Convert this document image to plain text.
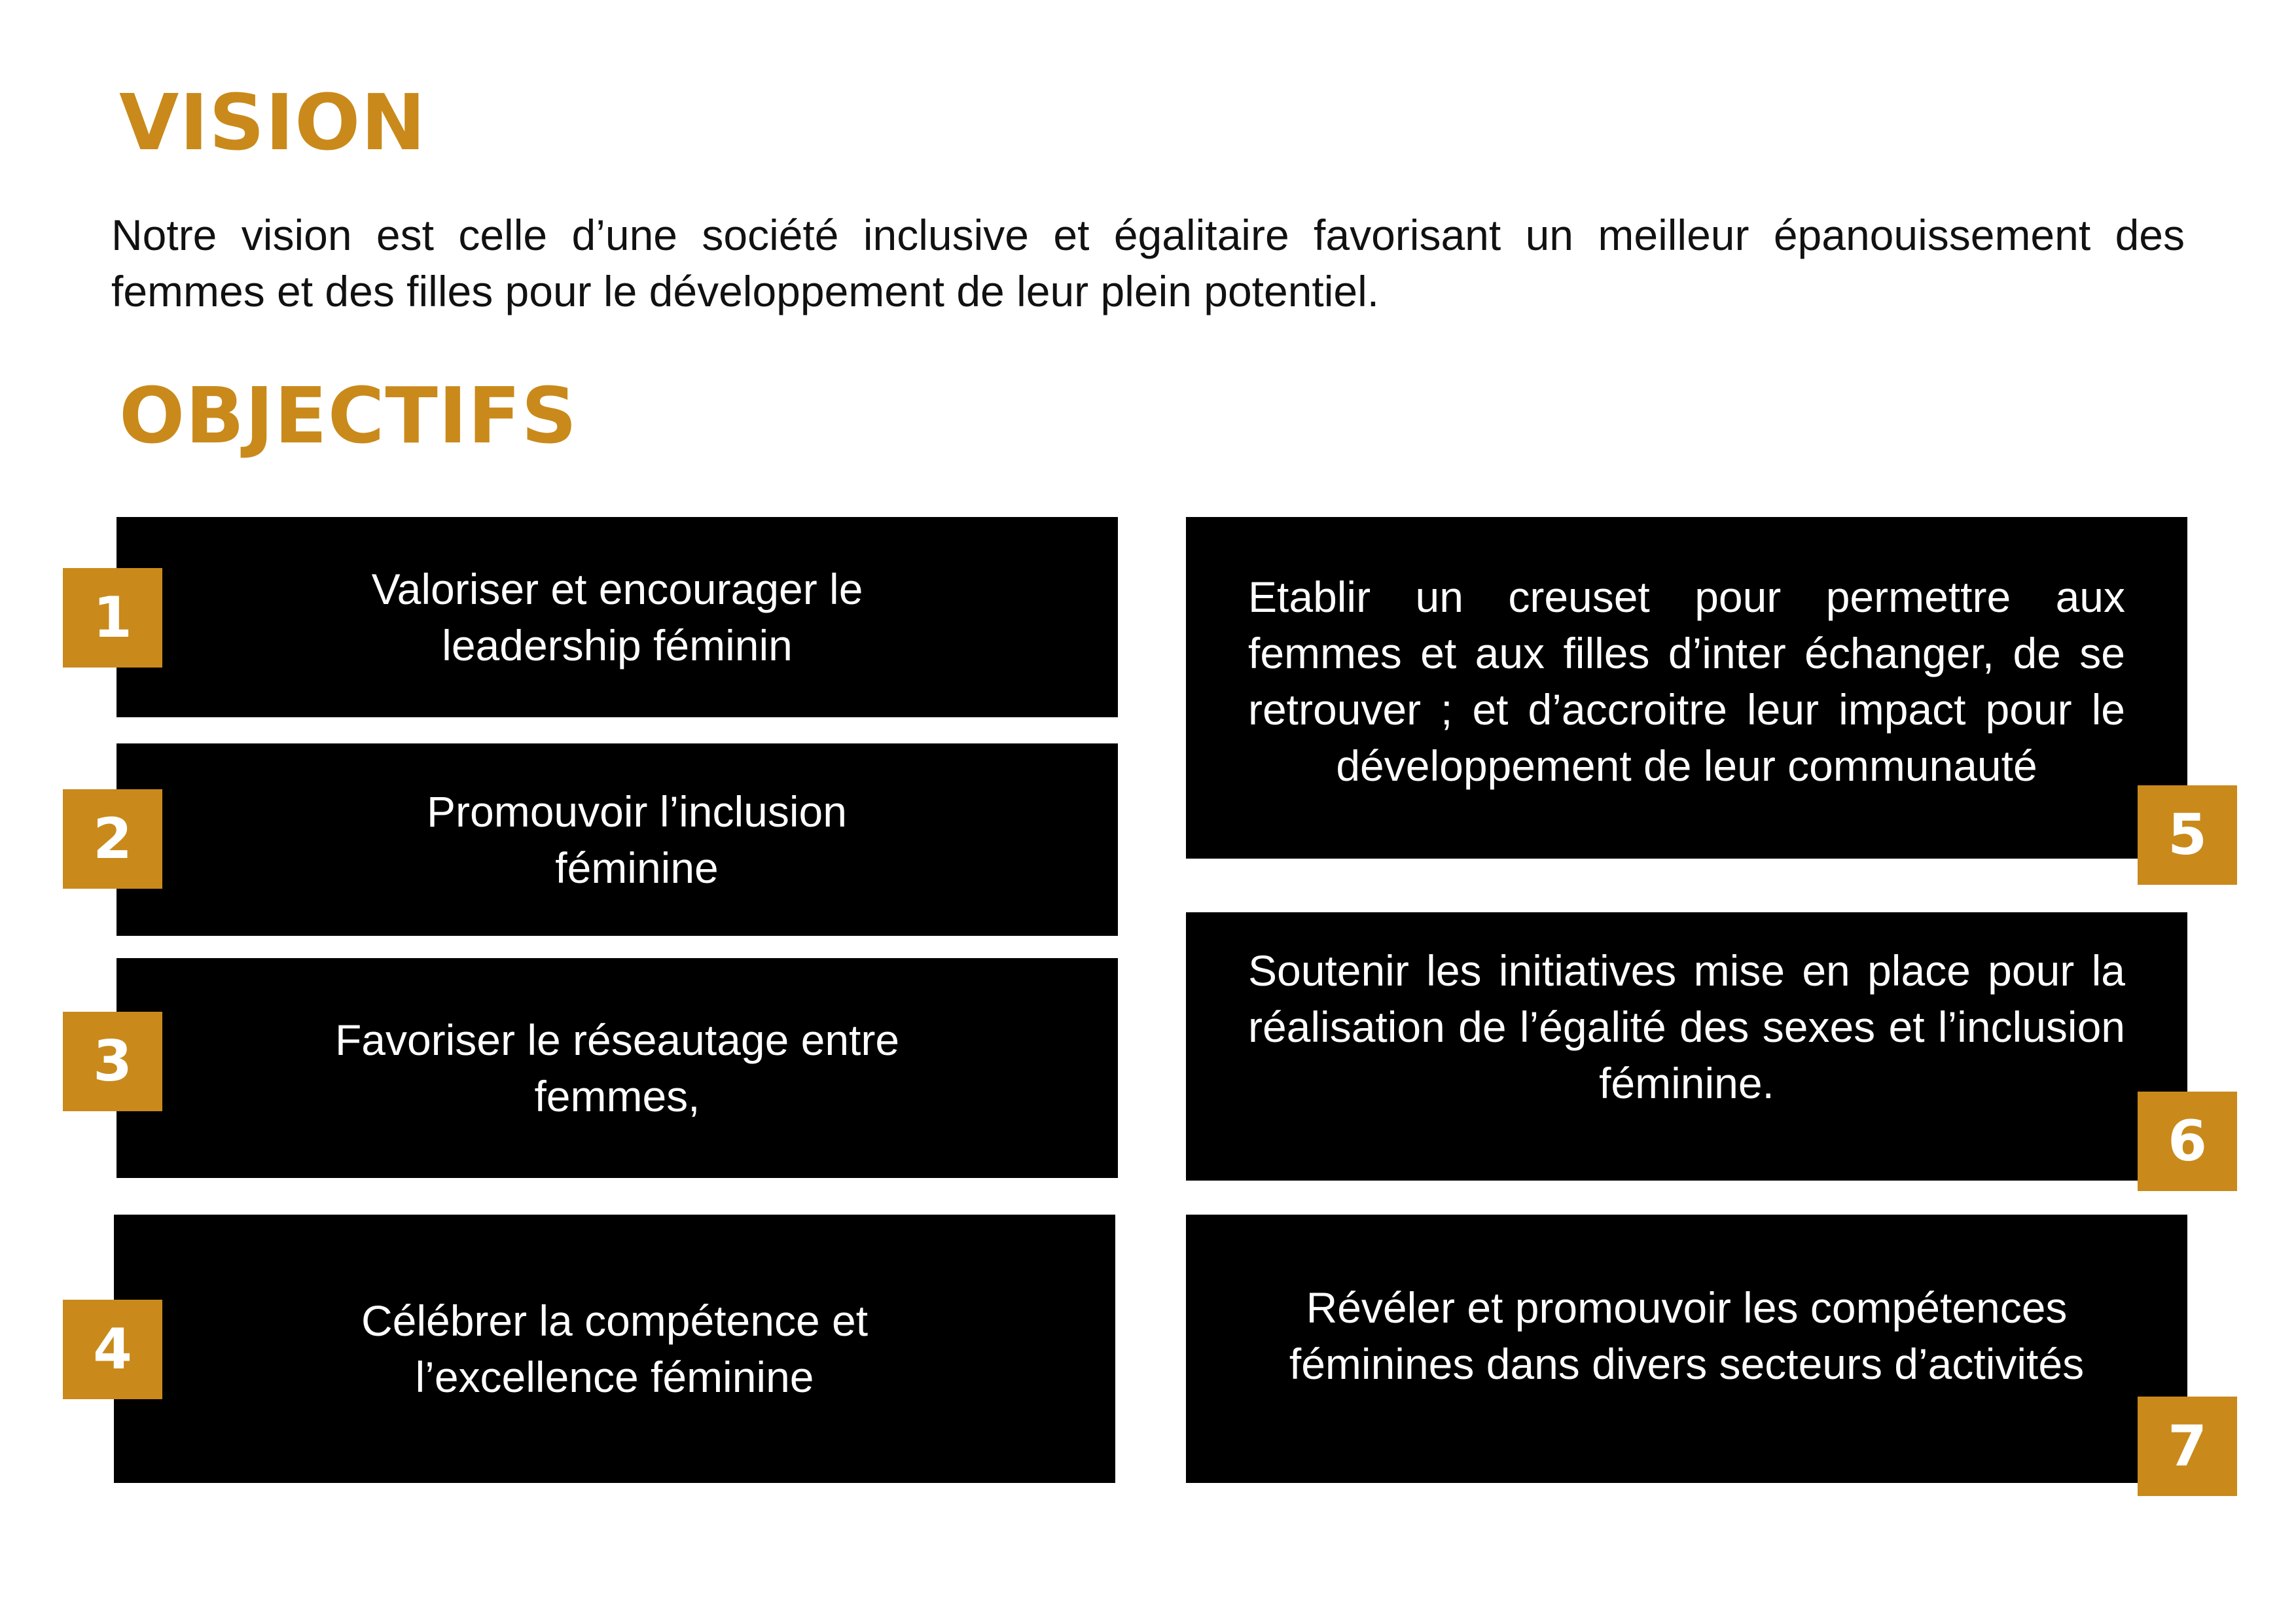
VISION

Notre vision est celle d’une société inclusive et égalitaire favorisant un meilleur épanouissement des femmes et des filles pour le développement de leur plein potentiel.

OBJECTIFS

Valoriser et encourager le leadership féminin

1

Promouvoir l’inclusion féminine

2

Favoriser le réseautage entre femmes,

3

Célébrer la compétence et l’excellence féminine

4

Etablir un creuset pour permettre aux femmes et aux filles d’inter échanger, de se retrouver ; et d’accroitre leur impact pour le développement de leur communauté

5

Soutenir les initiatives mise en place pour la réalisation de l’égalité des sexes et l’inclusion féminine.

6

Révéler et promouvoir les compétences féminines dans divers secteurs d’activités

7
